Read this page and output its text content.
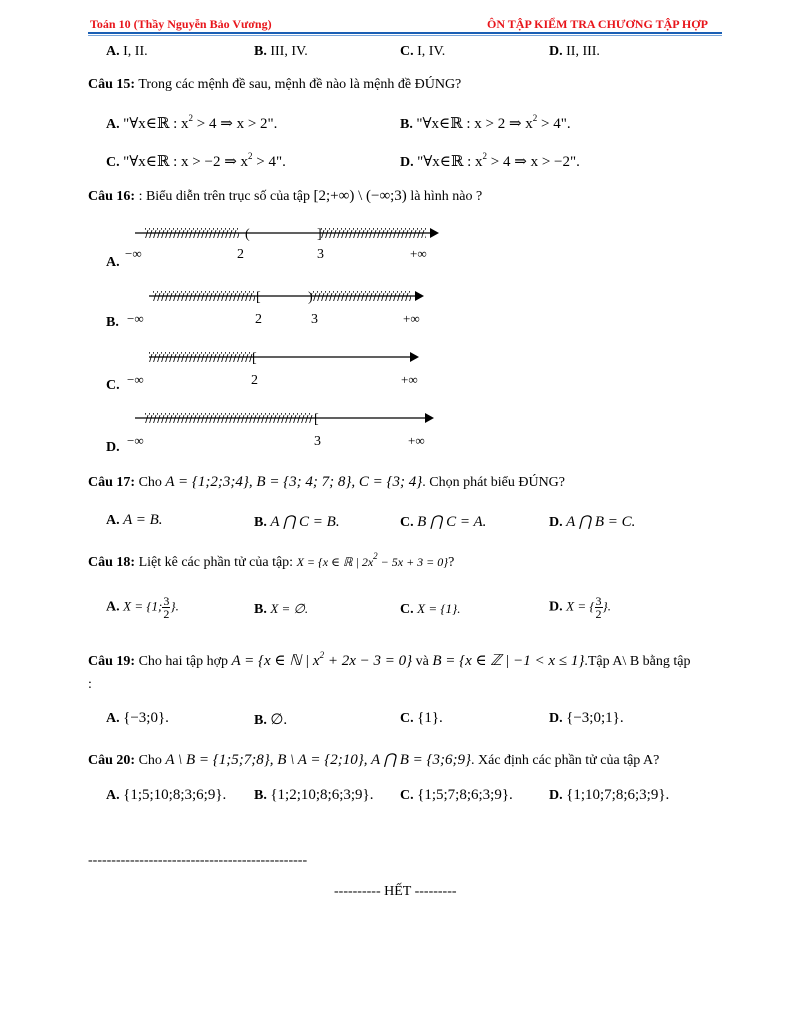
Toán 10 (Thầy Nguyễn Bảo Vương)	ÔN TẬP KIỂM TRA CHƯƠNG TẬP HỢP
A. I, II.	B. III, IV.	C. I, IV.	D. II, III.
Câu 15: Trong các mệnh đề sau, mệnh đề nào là mệnh đề ĐÚNG?
A. "∀x∈ℝ : $x^2 > 4$ ⇒ x > 2".	B. "∀x∈ℝ : x > 2 ⇒ $x^2 > 4$".
C. "∀x∈ℝ : x > −2 ⇒ $x^2 > 4$".	D. "∀x∈ℝ : $x^2 > 4$ ⇒ x > −2".
Câu 16: : Biểu diễn trên trục số của tập [2;+∞) \ (−∞;3) là hình nào ?
A.
(	]
−∞	2	3	+∞
B.
[	)
−∞	2	3	+∞
C.
[
−∞	2	+∞
D.
[
−∞	3	+∞
Câu 17: Cho A = {1;2;3;4}, B = {3; 4; 7; 8}, C = {3; 4}. Chọn phát biểu ĐÚNG?
A. A = B.	B. A ⋂ C = B.	C. B ⋂ C = A.	D. A ⋂ B = C.
Câu 18: Liệt kê các phần tử của tập: X = {x ∈ ℝ | $2x^2 - 5x + 3 = 0$}?
A. X = {1; $\frac{3}{2}$ }.	B. X = ∅.	C. X = {1}.	D. X = { $\frac{3}{2}$ }.
Câu 19: Cho hai tập hợp A = {x ∈ ℕ | $x^2 + 2x - 3 = 0$} và B = {x ∈ ℤ | −1 < x ≤ 1}.Tập A\ B bằng tập
:
A. {−3;0}.	B. ∅.	C. {1}.	D. {−3;0;1}.
Câu 20: Cho A \ B = {1;5;7;8}, B \ A = {2;10}, A ⋂ B = {3;6;9}. Xác định các phần tử của tập A?
A. {1;5;10;8;3;6;9}. B. {1;2;10;8;6;3;9}. C. {1;5;7;8;6;3;9}.	D. {1;10;7;8;6;3;9}.
-----------------------------------------------
---------- HẾT ---------
